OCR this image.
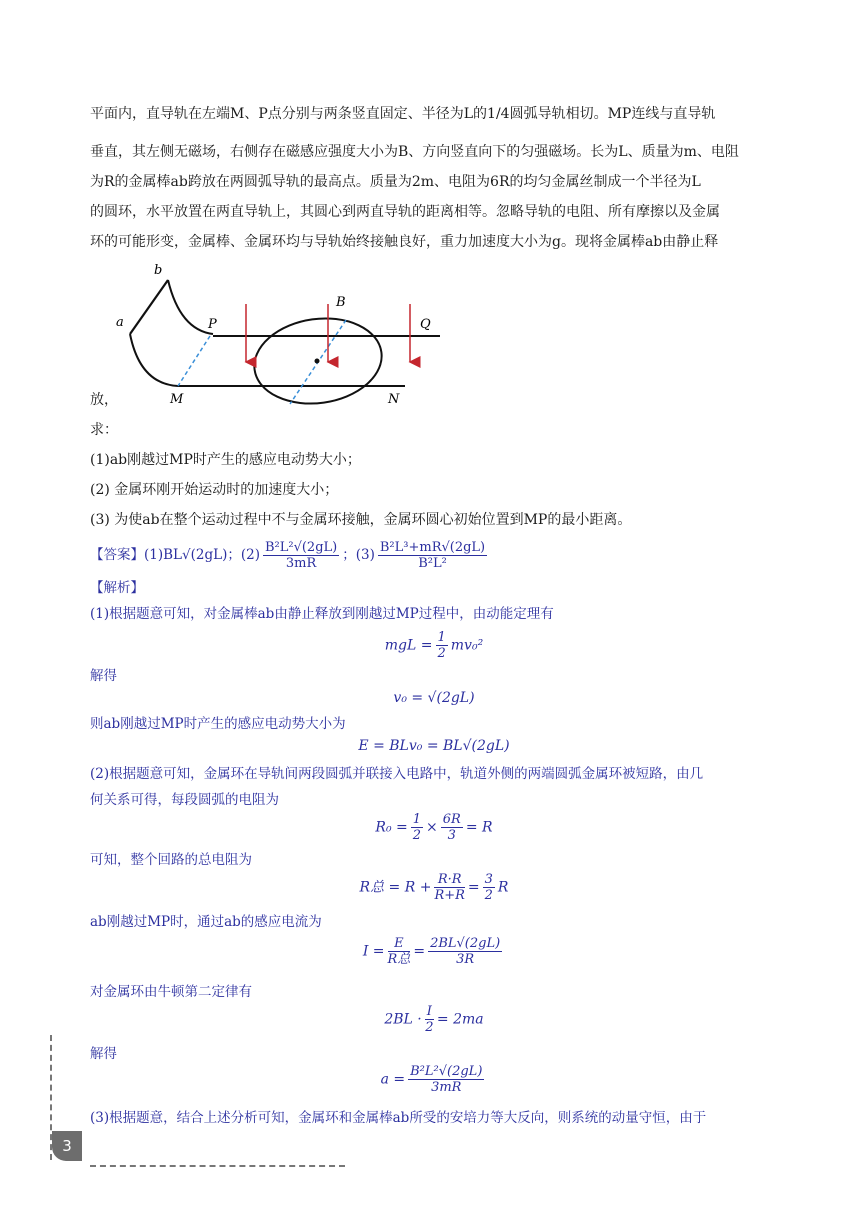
平面内，直导轨在左端M、P点分别与两条竖直固定、半径为L的1/4圆弧导轨相切。MP连线与直导轨
垂直，其左侧无磁场，右侧存在磁感应强度大小为B、方向竖直向下的匀强磁场。长为L、质量为m、电阻
为R的金属棒ab跨放在两圆弧导轨的最高点。质量为2m、电阻为6R的均匀金属丝制成一个半径为L
的圆环，水平放置在两直导轨上，其圆心到两直导轨的距离相等。忽略导轨的电阻、所有摩擦以及金属
环的可能形变，金属棒、金属环均与导轨始终接触良好，重力加速度大小为g。现将金属棒ab由静止释
a
b
P
M
B
Q
N
放，
求：
(1)ab刚越过MP时产生的感应电动势大小；
(2) 金属环刚开始运动时的加速度大小；
(3) 为使ab在整个运动过程中不与金属环接触，金属环圆心初始位置到MP的最小距离。
【答案】(1)BL√(2gL)；$(2) \frac{\text{B²L²√(2gL)}}{3mR}$ ；$(3) \frac{\text{B²L³+mR√(2gL)}}{\text{B²L²}}$
【解析】
(1)根据题意可知，对金属棒ab由静止释放到刚越过MP过程中，由动能定理有
mgL = $\frac{1}{2} mv_0^2$
解得
v₀ = √(2gL)
则ab刚越过MP时产生的感应电动势大小为
E = BLv₀ = BL√(2gL)
(2)根据题意可知，金属环在导轨间两段圆弧并联接入电路中，轨道外侧的两端圆弧金属环被短路，由几
何关系可得，每段圆弧的电阻为
$R_0 = \frac{1}{2} \times \frac{6R}{3} = R$
可知，整个回路的总电阻为
R总 = $R + \frac{R\cdot R}{R+R} = \frac{3}{2}$ R
ab刚越过MP时，通过ab的感应电流为
$I = \frac{E}{\text{R总}} = \frac{2BL√(2gL)}{3R}$
对金属环由牛顿第二定律有
$2BL \cdot \frac{I}{2} = 2ma$
解得
$a = \frac{\text{B²L²√(2gL)}}{3mR}$
(3)根据题意，结合上述分析可知，金属环和金属棒ab所受的安培力等大反向，则系统的动量守恒，由于
3
